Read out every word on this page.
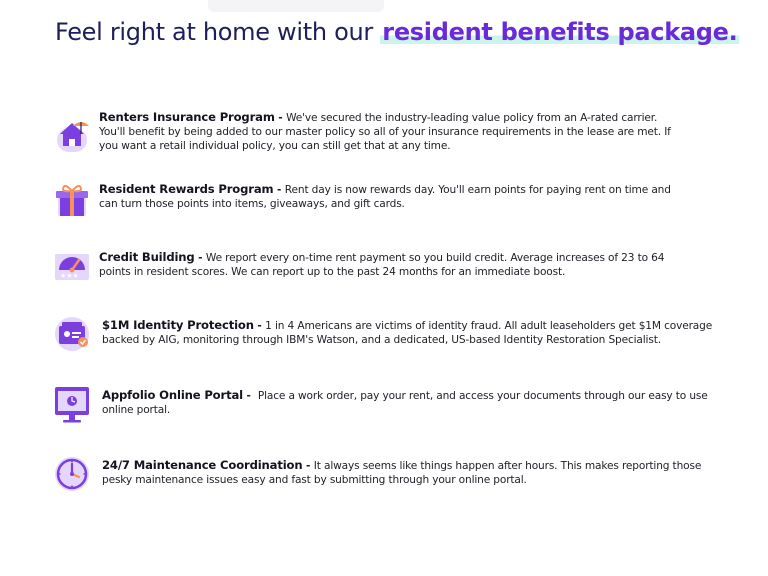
Feel right at home with our resident benefits package.
Renters Insurance Program - We've secured the industry-leading value policy from an A-rated carrier. You'll benefit by being added to our master policy so all of your insurance requirements in the lease are met. If you want a retail individual policy, you can still get that at any time.
Resident Rewards Program - Rent day is now rewards day. You'll earn points for paying rent on time and can turn those points into items, giveaways, and gift cards.
★★★
Credit Building - We report every on-time rent payment so you build credit. Average increases of 23 to 64 points in resident scores. We can report up to the past 24 months for an immediate boost.
$1M Identity Protection - 1 in 4 Americans are victims of identity fraud. All adult leaseholders get $1M coverage backed by AIG, monitoring through IBM's Watson, and a dedicated, US-based Identity Restoration Specialist.
Appfolio Online Portal -  Place a work order, pay your rent, and access your documents through our easy to use online portal.
24/7 Maintenance Coordination - It always seems like things happen after hours. This makes reporting those pesky maintenance issues easy and fast by submitting through your online portal.
